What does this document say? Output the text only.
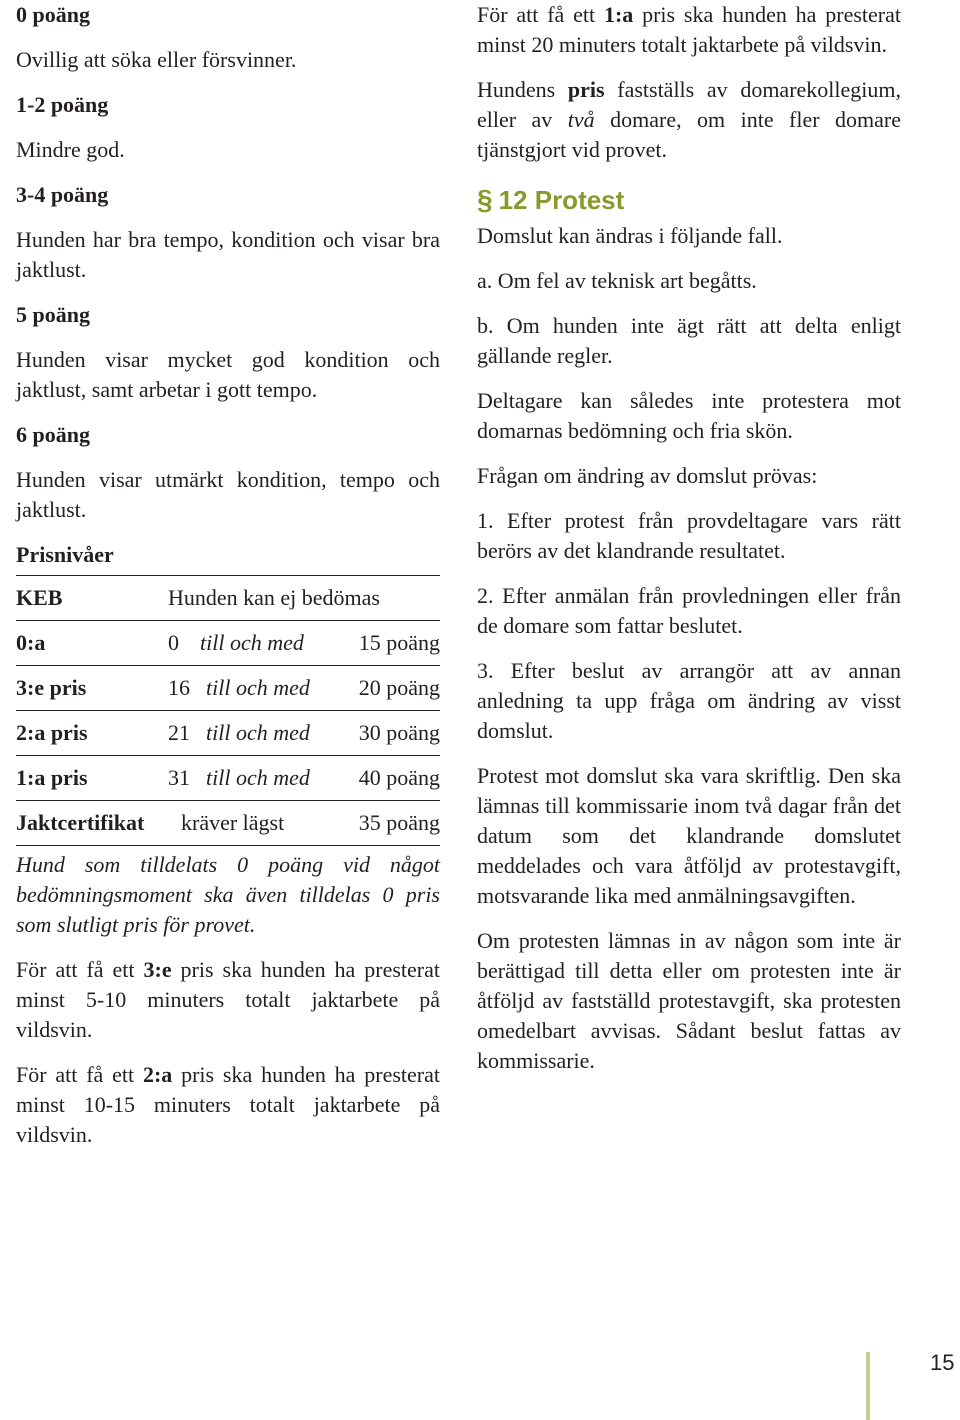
0 poäng

Ovillig att söka eller försvinner.

1-2 poäng

Mindre god.

3-4 poäng

Hunden har bra tempo, kondition och visar bra jaktlust.

5 poäng

Hunden visar mycket god kondition och jaktlust, samt arbetar i gott tempo.

6 poäng

Hunden visar utmärkt kondition, tempo och jaktlust.

Prisnivåer

KEB	Hunden kan ej bedömas
0:a	0 till och med 15 poäng
3:e pris	16 till och med 20 poäng
2:a pris	21 till och med 30 poäng
1:a pris	31 till och med 40 poäng
Jaktcertifikat kräver lägst	35 poäng

Hund som tilldelats 0 poäng vid något bedömningsmoment ska även tilldelas 0 pris som slutligt pris för provet.

För att få ett 3:e pris ska hunden ha presterat minst 5-10 minuters totalt jaktarbete på vildsvin.

För att få ett 2:a pris ska hunden ha presterat minst 10-15 minuters totalt jaktarbete på vildsvin.

För att få ett 1:a pris ska hunden ha presterat minst 20 minuters totalt jaktarbete på vildsvin.

Hundens pris fastställs av domarekollegium, eller av två domare, om inte fler domare tjänstgjort vid provet.

§ 12 Protest

Domslut kan ändras i följande fall.

a. Om fel av teknisk art begåtts.

b. Om hunden inte ägt rätt att delta enligt gällande regler.

Deltagare kan således inte protestera mot domarnas bedömning och fria skön.

Frågan om ändring av domslut prövas:

1. Efter protest från provdeltagare vars rätt berörs av det klandrande resultatet.

2. Efter anmälan från provledningen eller från de domare som fattar beslutet.

3. Efter beslut av arrangör att av annan anledning ta upp fråga om ändring av visst domslut.

Protest mot domslut ska vara skriftlig. Den ska lämnas till kommissarie inom två dagar från det datum som det klandrande domslutet meddelades och vara åtföljd av protestavgift, motsvarande lika med anmälningsavgiften.

Om protesten lämnas in av någon som inte är berättigad till detta eller om protesten inte är åtföljd av fastställd protestavgift, ska protesten omedelbart avvisas. Sådant beslut fattas av kommissarie.

15
